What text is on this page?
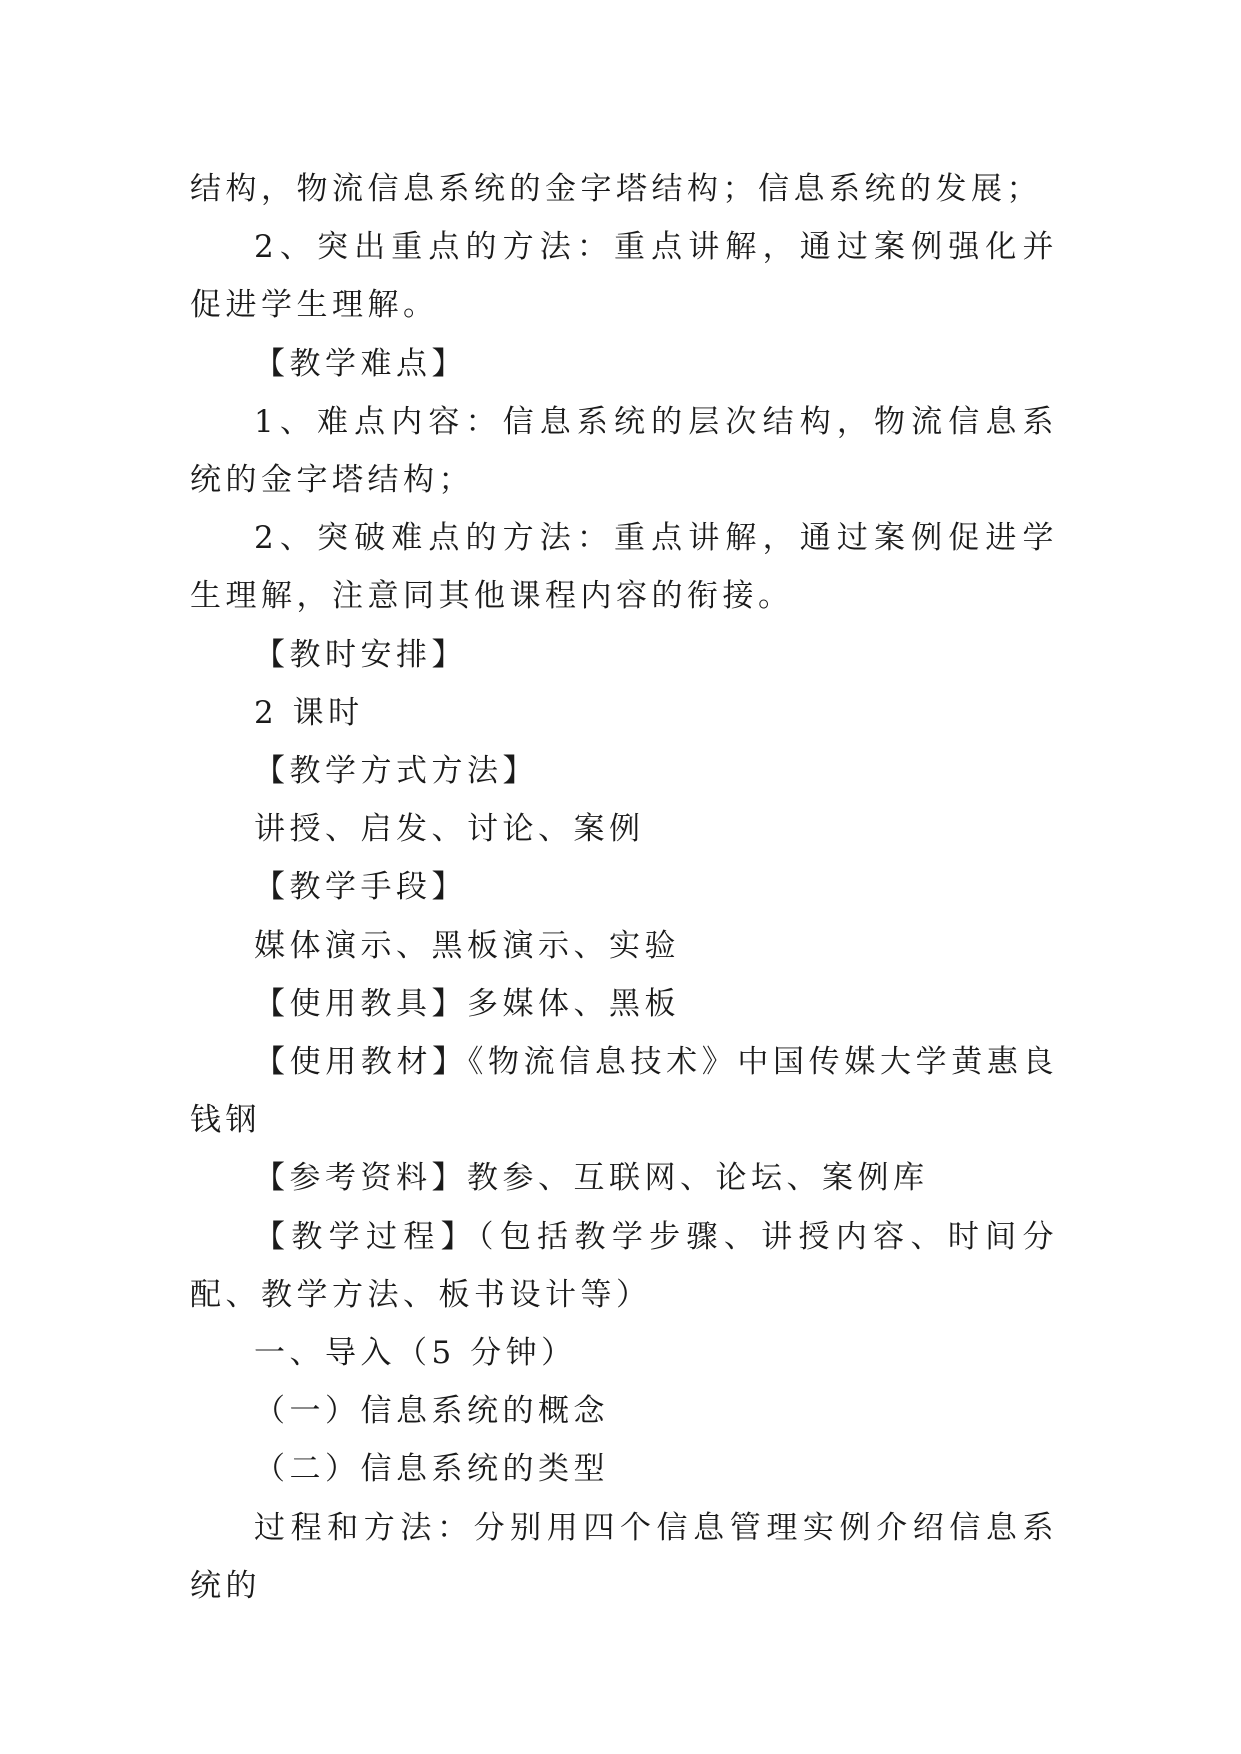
结构，物流信息系统的金字塔结构；信息系统的发展；

2、突出重点的方法：重点讲解，通过案例强化并促进学生理解。

【教学难点】

1、难点内容：信息系统的层次结构，物流信息系统的金字塔结构；

2、突破难点的方法：重点讲解，通过案例促进学生理解，注意同其他课程内容的衔接。

【教时安排】

2 课时

【教学方式方法】

讲授、启发、讨论、案例

【教学手段】

媒体演示、黑板演示、实验

【使用教具】多媒体、黑板

【使用教材】《物流信息技术》中国传媒大学黄惠良钱钢

【参考资料】教参、互联网、论坛、案例库

【教学过程】（包括教学步骤、讲授内容、时间分配、教学方法、板书设计等）

一、导入（5 分钟）

（一）信息系统的概念

（二）信息系统的类型

过程和方法：分别用四个信息管理实例介绍信息系统的
